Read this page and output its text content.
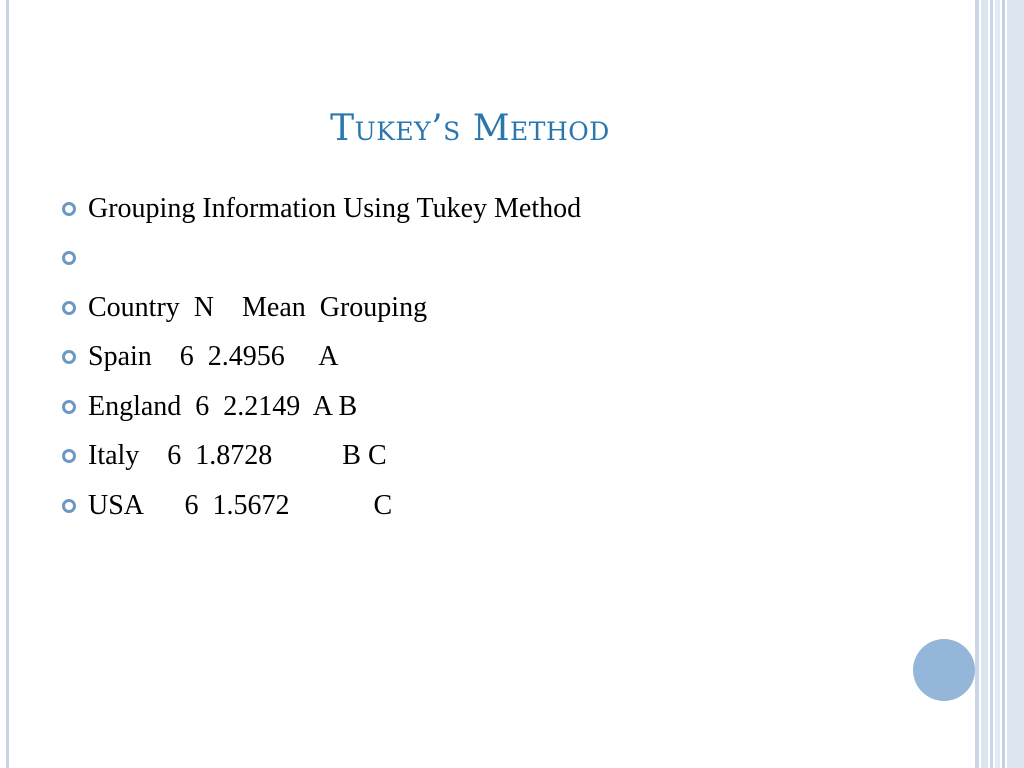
Tukey’s Method
Grouping Information Using Tukey Method
Country  N    Mean  Grouping
Spain    6  2.4956     A
England  6  2.2149  A B
Italy    6  1.8728          B C
USA      6  1.5672            C
